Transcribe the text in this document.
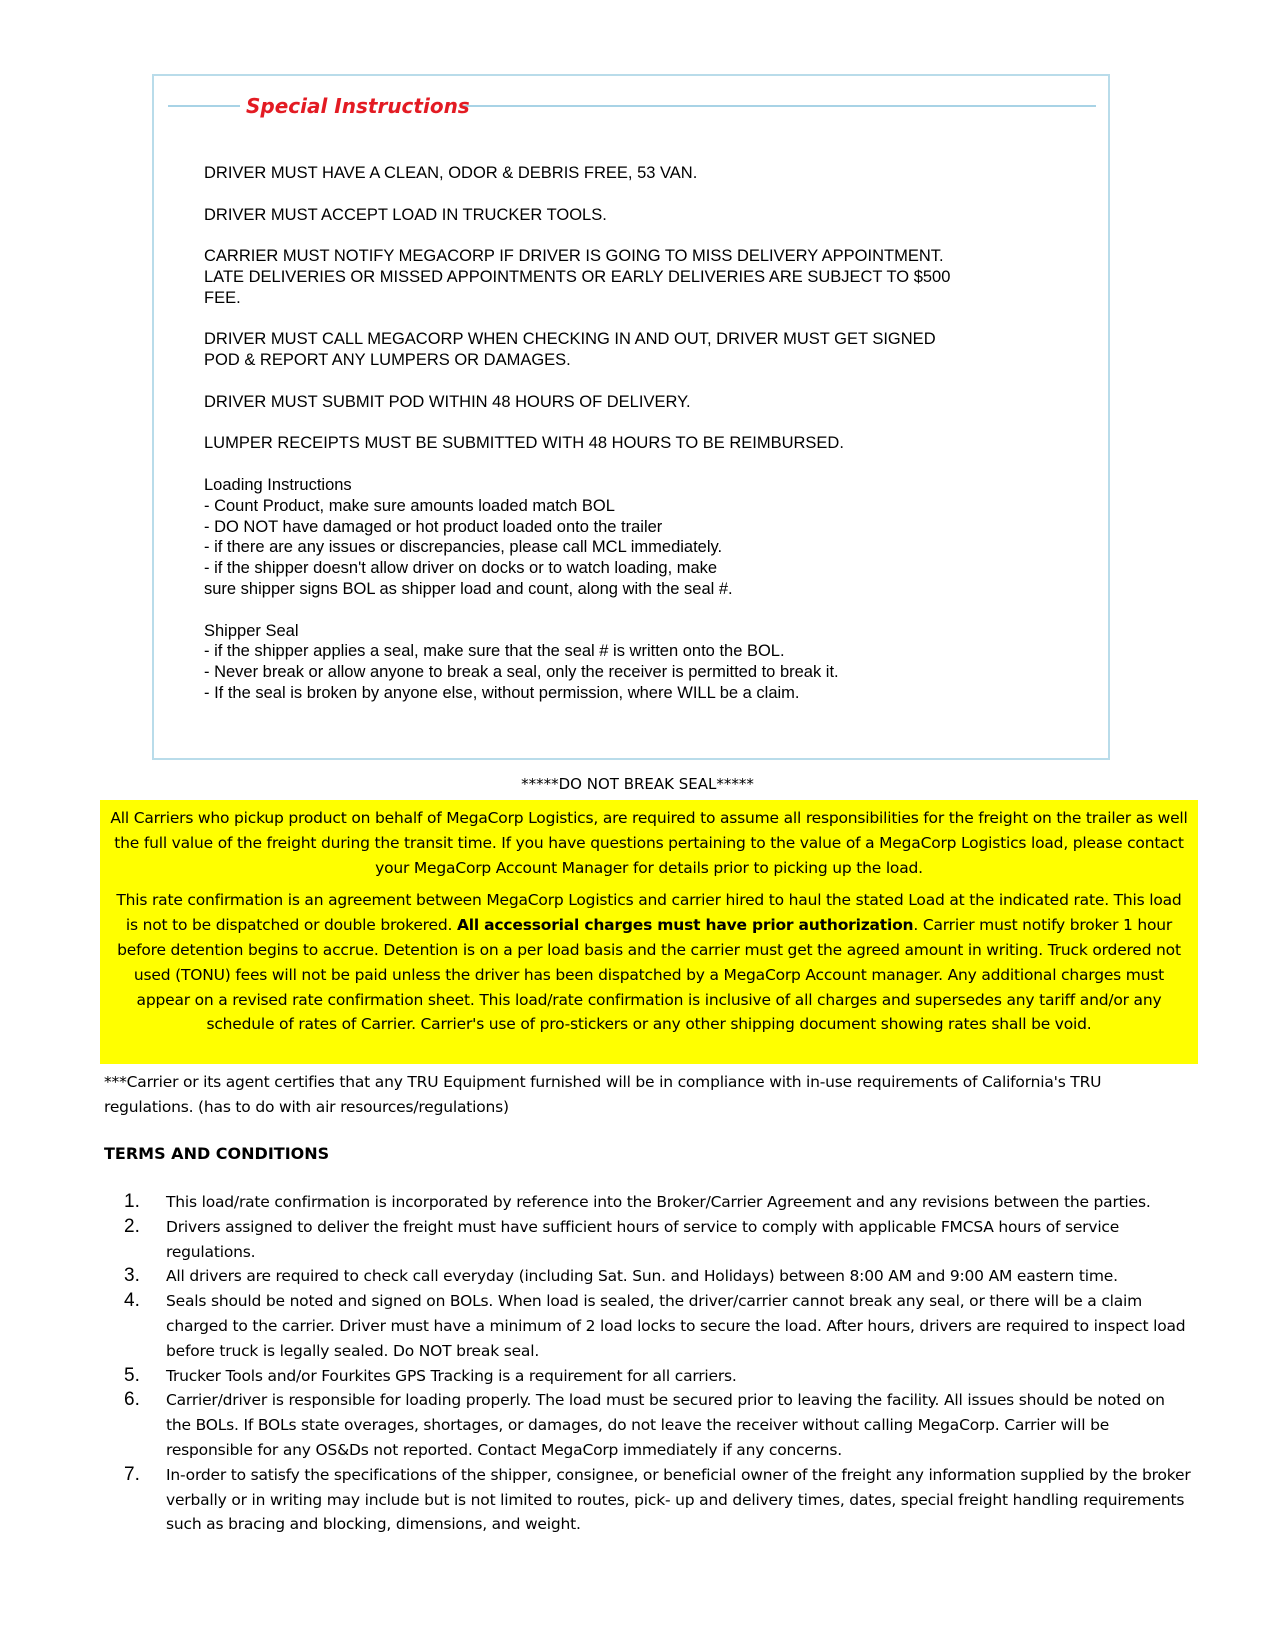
Special Instructions

DRIVER MUST HAVE A CLEAN, ODOR & DEBRIS FREE, 53 VAN.

DRIVER MUST ACCEPT LOAD IN TRUCKER TOOLS.

CARRIER MUST NOTIFY MEGACORP IF DRIVER IS GOING TO MISS DELIVERY APPOINTMENT.
LATE DELIVERIES OR MISSED APPOINTMENTS OR EARLY DELIVERIES ARE SUBJECT TO $500
FEE.

DRIVER MUST CALL MEGACORP WHEN CHECKING IN AND OUT, DRIVER MUST GET SIGNED
POD & REPORT ANY LUMPERS OR DAMAGES.

DRIVER MUST SUBMIT POD WITHIN 48 HOURS OF DELIVERY.

LUMPER RECEIPTS MUST BE SUBMITTED WITH 48 HOURS TO BE REIMBURSED.

Loading Instructions
- Count Product, make sure amounts loaded match BOL
- DO NOT have damaged or hot product loaded onto the trailer
- if there are any issues or discrepancies, please call MCL immediately.
- if the shipper doesn't allow driver on docks or to watch loading, make
sure shipper signs BOL as shipper load and count, along with the seal #.

Shipper Seal
- if the shipper applies a seal, make sure that the seal # is written onto the BOL.
- Never break or allow anyone to break a seal, only the receiver is permitted to break it.
- If the seal is broken by anyone else, without permission, where WILL be a claim.

*****DO NOT BREAK SEAL*****

All Carriers who pickup product on behalf of MegaCorp Logistics, are required to assume all responsibilities for the freight on the trailer as well the full value of the freight during the transit time. If you have questions pertaining to the value of a MegaCorp Logistics load, please contact your MegaCorp Account Manager for details prior to picking up the load.

This rate confirmation is an agreement between MegaCorp Logistics and carrier hired to haul the stated Load at the indicated rate. This load is not to be dispatched or double brokered. All accessorial charges must have prior authorization. Carrier must notify broker 1 hour before detention begins to accrue. Detention is on a per load basis and the carrier must get the agreed amount in writing. Truck ordered not used (TONU) fees will not be paid unless the driver has been dispatched by a MegaCorp Account manager. Any additional charges must appear on a revised rate confirmation sheet. This load/rate confirmation is inclusive of all charges and supersedes any tariff and/or any schedule of rates of Carrier. Carrier's use of pro-stickers or any other shipping document showing rates shall be void.

***Carrier or its agent certifies that any TRU Equipment furnished will be in compliance with in-use requirements of California's TRU regulations. (has to do with air resources/regulations)
TERMS AND CONDITIONS
1.	This load/rate confirmation is incorporated by reference into the Broker/Carrier Agreement and any revisions between the parties.
2.	Drivers assigned to deliver the freight must have sufficient hours of service to comply with applicable FMCSA hours of service regulations.
3.	All drivers are required to check call everyday (including Sat. Sun. and Holidays) between 8:00 AM and 9:00 AM eastern time.
4.	Seals should be noted and signed on BOLs. When load is sealed, the driver/carrier cannot break any seal, or there will be a claim charged to the carrier. Driver must have a minimum of 2 load locks to secure the load. After hours, drivers are required to inspect load before truck is legally sealed. Do NOT break seal.
5.	Trucker Tools and/or Fourkites GPS Tracking is a requirement for all carriers.
6.	Carrier/driver is responsible for loading properly. The load must be secured prior to leaving the facility. All issues should be noted on the BOLs. If BOLs state overages, shortages, or damages, do not leave the receiver without calling MegaCorp. Carrier will be responsible for any OS&Ds not reported. Contact MegaCorp immediately if any concerns.
7.	In-order to satisfy the specifications of the shipper, consignee, or beneficial owner of the freight any information supplied by the broker verbally or in writing may include but is not limited to routes, pick- up and delivery times, dates, special freight handling requirements such as bracing and blocking, dimensions, and weight.
